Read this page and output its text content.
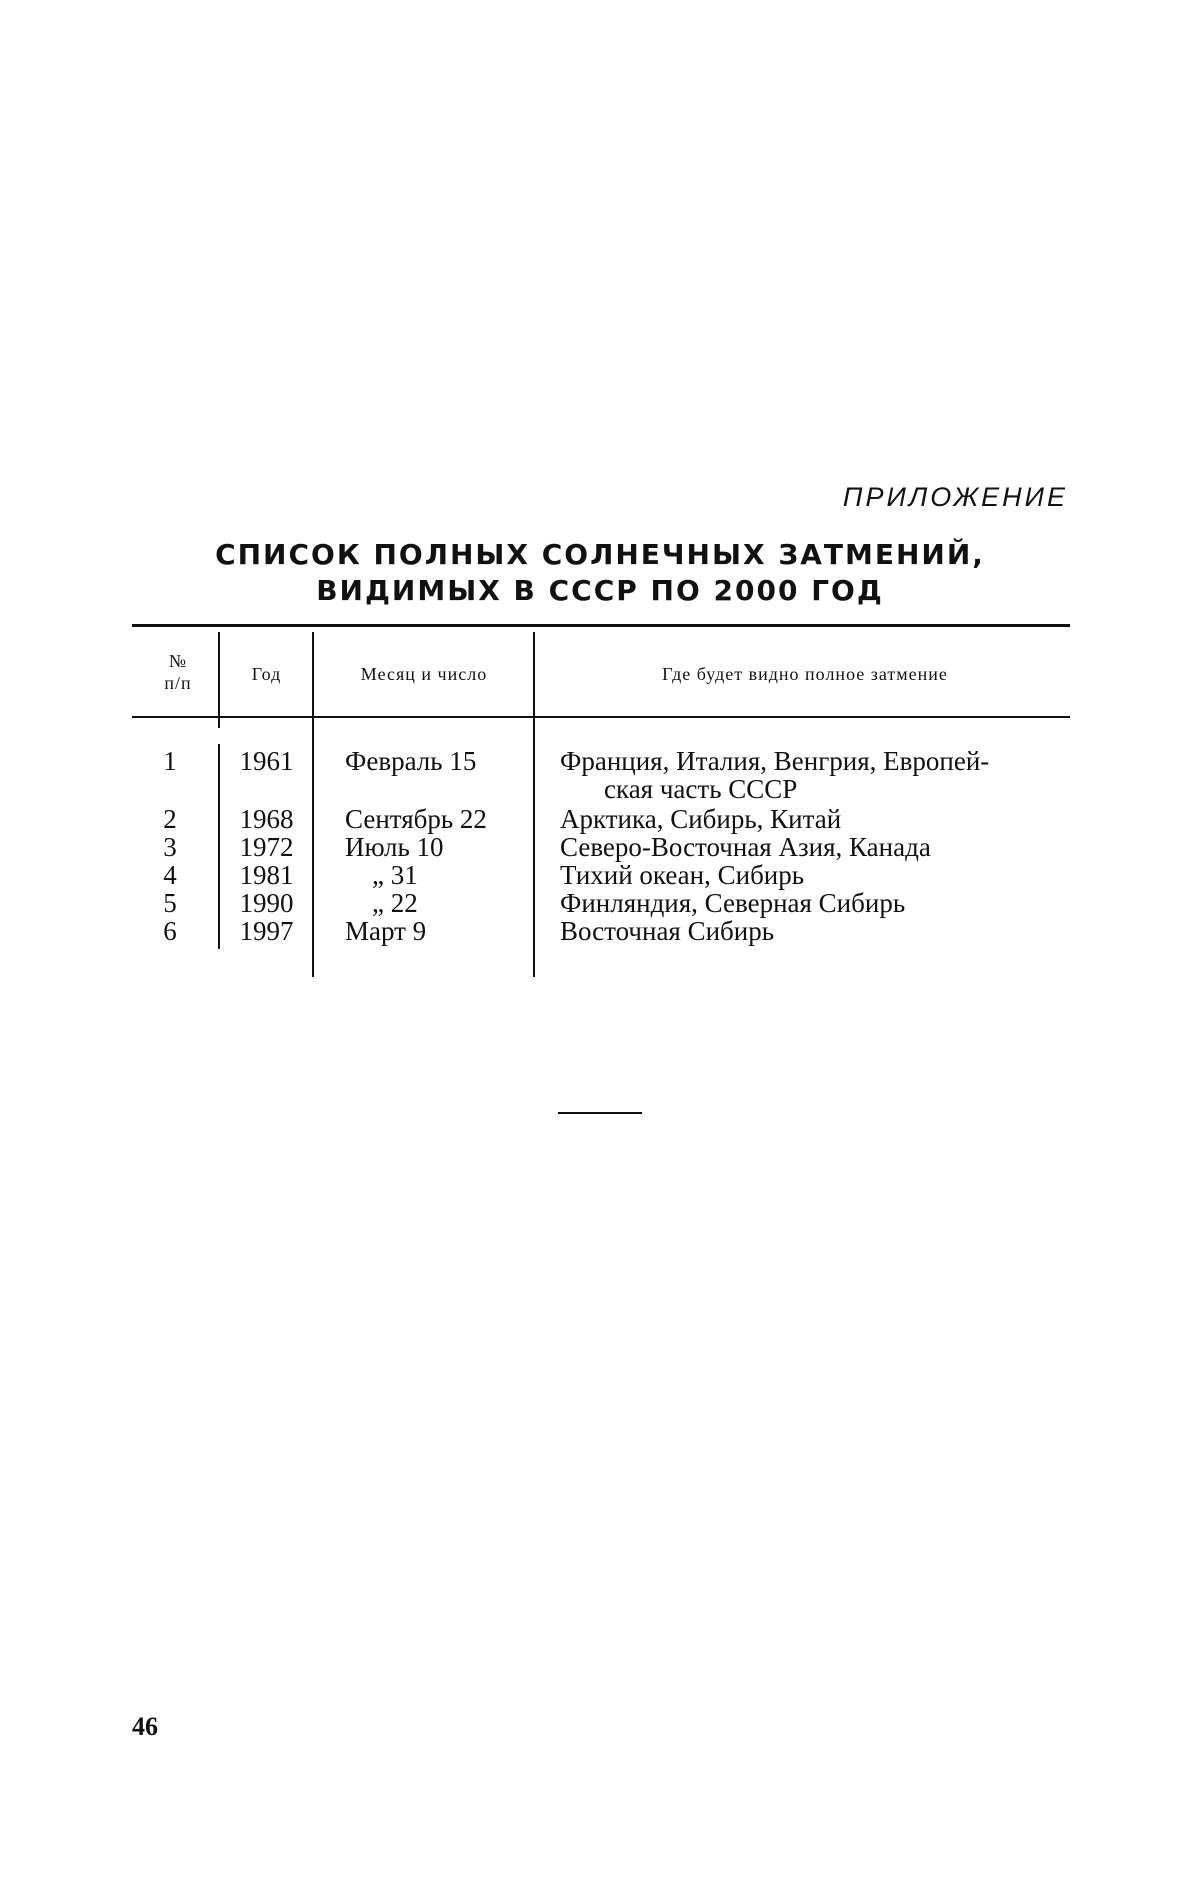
ПРИЛОЖЕНИЕ
СПИСОК ПОЛНЫХ СОЛНЕЧНЫХ ЗАТМЕНИЙ,
ВИДИМЫХ В СССР ПО 2000 ГОД
№
п/п	Год	Месяц и число	Где будет видно полное затмение
1	1961	Февраль 15	Франция, Италия, Венгрия, Европей-
ская часть СССР
2	1968	Сентябрь 22	Арктика, Сибирь, Китай
3	1972	Июль 10	Северо-Восточная Азия, Канада
4	1981	„ 31	Тихий океан, Сибирь
5	1990	„ 22	Финляндия, Северная Сибирь
6	1997	Март 9	Восточная Сибирь
46
